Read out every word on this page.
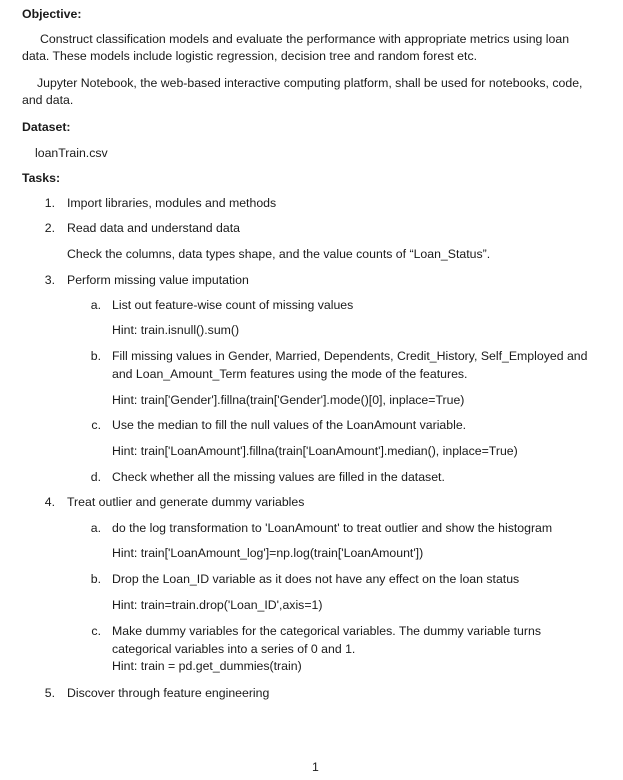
Objective:
Construct classification models and evaluate the performance with appropriate metrics using loan
data. These models include logistic regression, decision tree and random forest etc.
Jupyter Notebook, the web-based interactive computing platform, shall be used for notebooks, code,
and data.
Dataset:
loanTrain.csv
Tasks:
1. Import libraries, modules and methods
2. Read data and understand data
Check the columns, data types shape, and the value counts of “Loan_Status”.
3. Perform missing value imputation
a. List out feature-wise count of missing values
Hint: train.isnull().sum()
b. Fill missing values in Gender, Married, Dependents, Credit_History, Self_Employed and
and Loan_Amount_Term features using the mode of the features.
Hint: train['Gender'].fillna(train['Gender'].mode()[0], inplace=True)
c. Use the median to fill the null values of the LoanAmount variable.
Hint: train['LoanAmount'].fillna(train['LoanAmount'].median(), inplace=True)
d. Check whether all the missing values are filled in the dataset.
4. Treat outlier and generate dummy variables
a. do the log transformation to 'LoanAmount' to treat outlier and show the histogram
Hint: train['LoanAmount_log']=np.log(train['LoanAmount'])
b. Drop the Loan_ID variable as it does not have any effect on the loan status
Hint: train=train.drop('Loan_ID',axis=1)
c. Make dummy variables for the categorical variables. The dummy variable turns
categorical variables into a series of 0 and 1.
Hint: train = pd.get_dummies(train)
5. Discover through feature engineering
1
